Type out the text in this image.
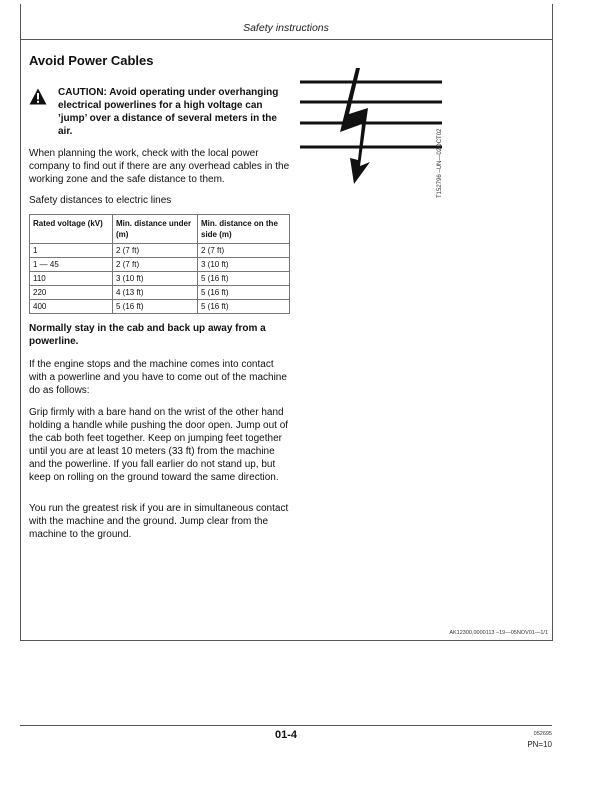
Safety instructions
Avoid Power Cables
CAUTION: Avoid operating under overhanging electrical powerlines for a high voltage can ’jump’ over a distance of several meters in the air.
When planning the work, check with the local power company to find out if there are any overhead cables in the working zone and the safe distance to them.
Safety distances to electric lines
Rated voltage (kV)	Min. distance under (m)	Min. distance on the side (m)
1	2 (7 ft)	2 (7 ft)
1 — 45	2 (7 ft)	3 (10 ft)
110	3 (10 ft)	5 (16 ft)
220	4 (13 ft)	5 (16 ft)
400	5 (16 ft)	5 (16 ft)
Normally stay in the cab and back up away from a powerline.
If the engine stops and the machine comes into contact with a powerline and you have to come out of the machine do as follows:
Grip firmly with a bare hand on the wrist of the other hand holding a handle while pushing the door open. Jump out of the cab both feet together. Keep on jumping feet together until you are at least 10 meters (33 ft) from the machine and the powerline. If you fall earlier do not stand up, but keep on rolling on the ground toward the same direction.
You run the greatest risk if you are in simultaneous contact with the machine and the ground. Jump clear from the machine to the ground.
T152796 –UN—02OCT02
AK12300,0000113 –19—05NOV01—1/1
01-4	052695
PN=10
